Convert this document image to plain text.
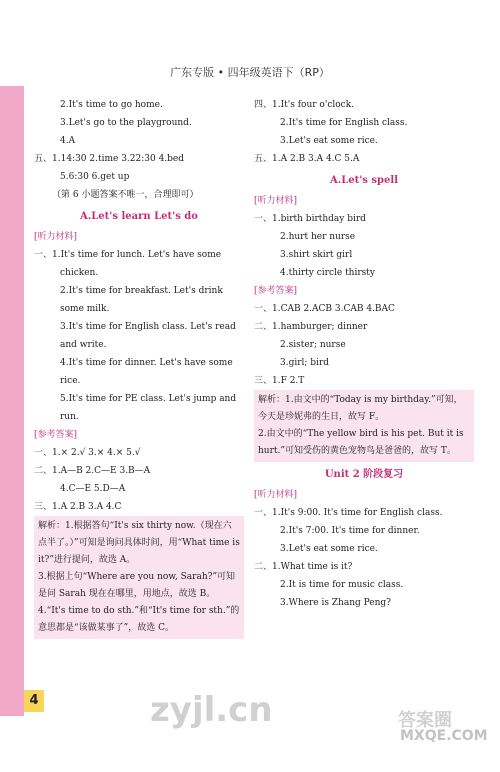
广东专版 • 四年级英语下（RP）
2.It's time to go home.
3.Let's go to the playground.
4.A
五、1.14:30 2.time 3.22:30 4.bed
5.6:30 6.get up
（第 6 小题答案不唯一，合理即可）
A.Let's learn Let's do
[听力材料]
一、1.It's time for lunch. Let's have some
chicken.
2.It's time for breakfast. Let's drink
some milk.
3.It's time for English class. Let's read
and write.
4.It's time for dinner. Let's have some
rice.
5.It's time for PE class. Let's jump and
run.
[参考答案]
一、1.× 2.√ 3.× 4.× 5.√
二、1.A—B 2.C—E 3.B—A
4.C—E 5.D—A
三、1.A 2.B 3.A 4.C
解析：1.根据答句“It's six thirty now.（现在六点半了。）”可知是询问具体时间，用“What time is it?”进行提问，故选 A。
3.根据上句“Where are you now, Sarah?”可知是问 Sarah 现在在哪里，用地点，故选 B。
4.“It's time to do sth.”和“It's time for sth.”的意思都是“该做某事了”，故选 C。
四、1.It's four o'clock.
2.It's time for English class.
3.Let's eat some rice.
五、1.A 2.B 3.A 4.C 5.A
A.Let's spell
[听力材料]
一、1.birth birthday bird
2.hurt her nurse
3.shirt skirt girl
4.thirty circle thirsty
[参考答案]
一、1.CAB 2.ACB 3.CAB 4.BAC
二、1.hamburger; dinner
2.sister; nurse
3.girl; bird
三、1.F 2.T
解析：1.由文中的“Today is my birthday.”可知，今天是珍妮弗的生日，故写 F。
2.由文中的“The yellow bird is his pet. But it is hurt.”可知受伤的黄色宠物鸟是爸爸的，故写 T。
Unit 2 阶段复习
[听力材料]
一、1.It's 9:00. It's time for English class.
2.It's 7:00. It's time for dinner.
3.Let's eat some rice.
二、1.What time is it?
2.It is time for music class.
3.Where is Zhang Peng?
4	zyjl.cn	答案圈
MXQE.COM
